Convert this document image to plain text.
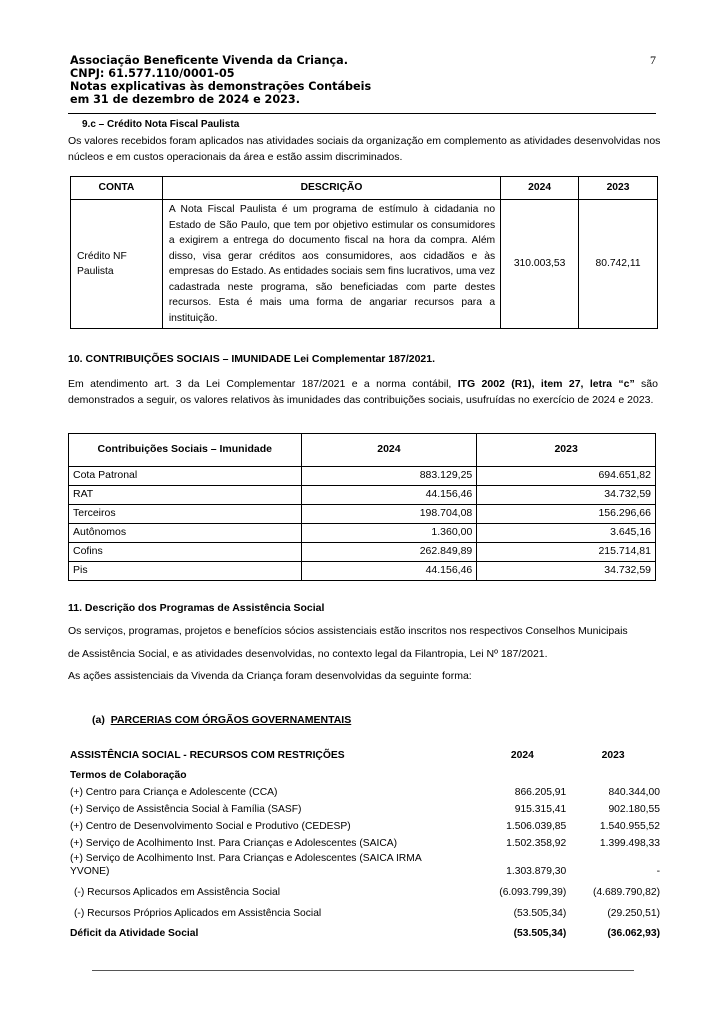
Associação Beneficente Vivenda da Criança.
CNPJ: 61.577.110/0001-05
Notas explicativas às demonstrações Contábeis
em 31 de dezembro de 2024 e 2023.
7
9.c – Crédito Nota Fiscal Paulista
Os valores recebidos foram aplicados nas atividades sociais da organização em complemento as atividades desenvolvidas nos núcleos e em custos operacionais da área e estão assim discriminados.
CONTA	DESCRIÇÃO	2024	2023
Crédito NF Paulista	A Nota Fiscal Paulista é um programa de estímulo à cidadania no Estado de São Paulo, que tem por objetivo estimular os consumidores a exigirem a entrega do documento fiscal na hora da compra. Além disso, visa gerar créditos aos consumidores, aos cidadãos e às empresas do Estado. As entidades sociais sem fins lucrativos, uma vez cadastrada neste programa, são beneficiadas com parte destes recursos. Esta é mais uma forma de angariar recursos para a instituição.	310.003,53	80.742,11
10. CONTRIBUIÇÕES SOCIAIS – IMUNIDADE Lei Complementar 187/2021.
Em atendimento art. 3 da Lei Complementar 187/2021 e a norma contábil, ITG 2002 (R1), item 27, letra “c” são demonstrados a seguir, os valores relativos às imunidades das contribuições sociais, usufruídas no exercício de 2024 e 2023.
Contribuições Sociais – Imunidade	2024	2023
Cota Patronal	883.129,25	694.651,82
RAT	44.156,46	34.732,59
Terceiros	198.704,08	156.296,66
Autônomos	1.360,00	3.645,16
Cofins	262.849,89	215.714,81
Pis	44.156,46	34.732,59
11. Descrição dos Programas de Assistência Social
Os serviços, programas, projetos e benefícios sócios assistenciais estão inscritos nos respectivos Conselhos Municipais
de Assistência Social, e as atividades desenvolvidas, no contexto legal da Filantropia, Lei Nº 187/2021.
As ações assistenciais da Vivenda da Criança foram desenvolvidas da seguinte forma:
(a) PARCERIAS COM ÓRGÃOS GOVERNAMENTAIS
ASSISTÊNCIA SOCIAL - RECURSOS COM RESTRIÇÕES	2024	2023
Termos de Colaboração		
(+) Centro para Criança e Adolescente (CCA)	866.205,91	840.344,00
(+) Serviço de Assistência Social à Família (SASF)	915.315,41	902.180,55
(+) Centro de Desenvolvimento Social e Produtivo (CEDESP)	1.506.039,85	1.540.955,52
(+) Serviço de Acolhimento Inst. Para Crianças e Adolescentes (SAICA)	1.502.358,92	1.399.498,33

(+) Serviço de Acolhimento Inst. Para Crianças e Adolescentes (SAICA IRMA
YVONE)	1.303.879,30	-
(-) Recursos Aplicados em Assistência Social	(6.093.799,39)	(4.689.790,82)
(-) Recursos Próprios Aplicados em Assistência Social	(53.505,34)	(29.250,51)
Déficit da Atividade Social	(53.505,34)	(36.062,93)
